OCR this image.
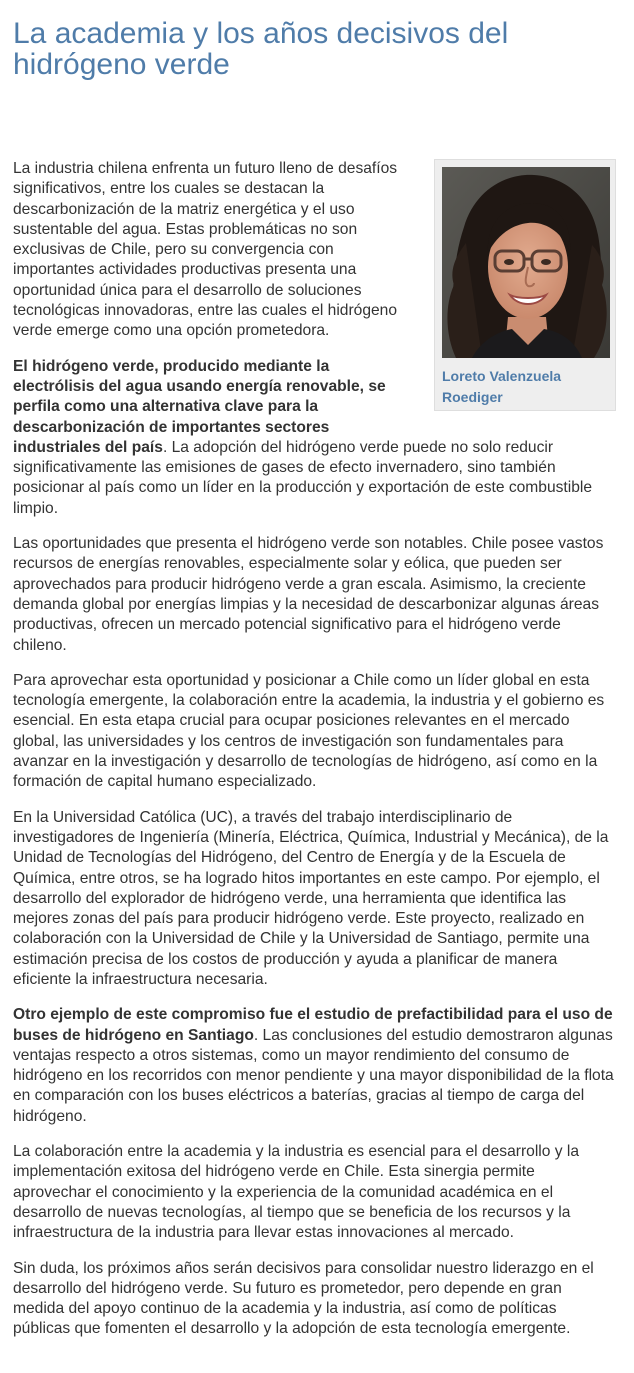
La academia y los años decisivos del hidrógeno verde
Loreto Valenzuela Roediger

La industria chilena enfrenta un futuro lleno de desafíos significativos, entre los cuales se destacan la descarbonización de la matriz energética y el uso sustentable del agua. Estas problemáticas no son exclusivas de Chile, pero su convergencia con importantes actividades productivas presenta una oportunidad única para el desarrollo de soluciones tecnológicas innovadoras, entre las cuales el hidrógeno verde emerge como una opción prometedora.

El hidrógeno verde, producido mediante la electrólisis del agua usando energía renovable, se perfila como una alternativa clave para la descarbonización de importantes sectores industriales del país. La adopción del hidrógeno verde puede no solo reducir significativamente las emisiones de gases de efecto invernadero, sino también posicionar al país como un líder en la producción y exportación de este combustible limpio.

Las oportunidades que presenta el hidrógeno verde son notables. Chile posee vastos recursos de energías renovables, especialmente solar y eólica, que pueden ser aprovechados para producir hidrógeno verde a gran escala. Asimismo, la creciente demanda global por energías limpias y la necesidad de descarbonizar algunas áreas productivas, ofrecen un mercado potencial significativo para el hidrógeno verde chileno.

Para aprovechar esta oportunidad y posicionar a Chile como un líder global en esta tecnología emergente, la colaboración entre la academia, la industria y el gobierno es esencial. En esta etapa crucial para ocupar posiciones relevantes en el mercado global, las universidades y los centros de investigación son fundamentales para avanzar en la investigación y desarrollo de tecnologías de hidrógeno, así como en la formación de capital humano especializado.

En la Universidad Católica (UC), a través del trabajo interdisciplinario de investigadores de Ingeniería (Minería, Eléctrica, Química, Industrial y Mecánica), de la Unidad de Tecnologías del Hidrógeno, del Centro de Energía y de la Escuela de Química, entre otros, se ha logrado hitos importantes en este campo. Por ejemplo, el desarrollo del explorador de hidrógeno verde, una herramienta que identifica las mejores zonas del país para producir hidrógeno verde. Este proyecto, realizado en colaboración con la Universidad de Chile y la Universidad de Santiago, permite una estimación precisa de los costos de producción y ayuda a planificar de manera eficiente la infraestructura necesaria.

Otro ejemplo de este compromiso fue el estudio de prefactibilidad para el uso de buses de hidrógeno en Santiago. Las conclusiones del estudio demostraron algunas ventajas respecto a otros sistemas, como un mayor rendimiento del consumo de hidrógeno en los recorridos con menor pendiente y una mayor disponibilidad de la flota en comparación con los buses eléctricos a baterías, gracias al tiempo de carga del hidrógeno.

La colaboración entre la academia y la industria es esencial para el desarrollo y la implementación exitosa del hidrógeno verde en Chile. Esta sinergia permite aprovechar el conocimiento y la experiencia de la comunidad académica en el desarrollo de nuevas tecnologías, al tiempo que se beneficia de los recursos y la infraestructura de la industria para llevar estas innovaciones al mercado.

Sin duda, los próximos años serán decisivos para consolidar nuestro liderazgo en el desarrollo del hidrógeno verde. Su futuro es prometedor, pero depende en gran medida del apoyo continuo de la academia y la industria, así como de políticas públicas que fomenten el desarrollo y la adopción de esta tecnología emergente.
